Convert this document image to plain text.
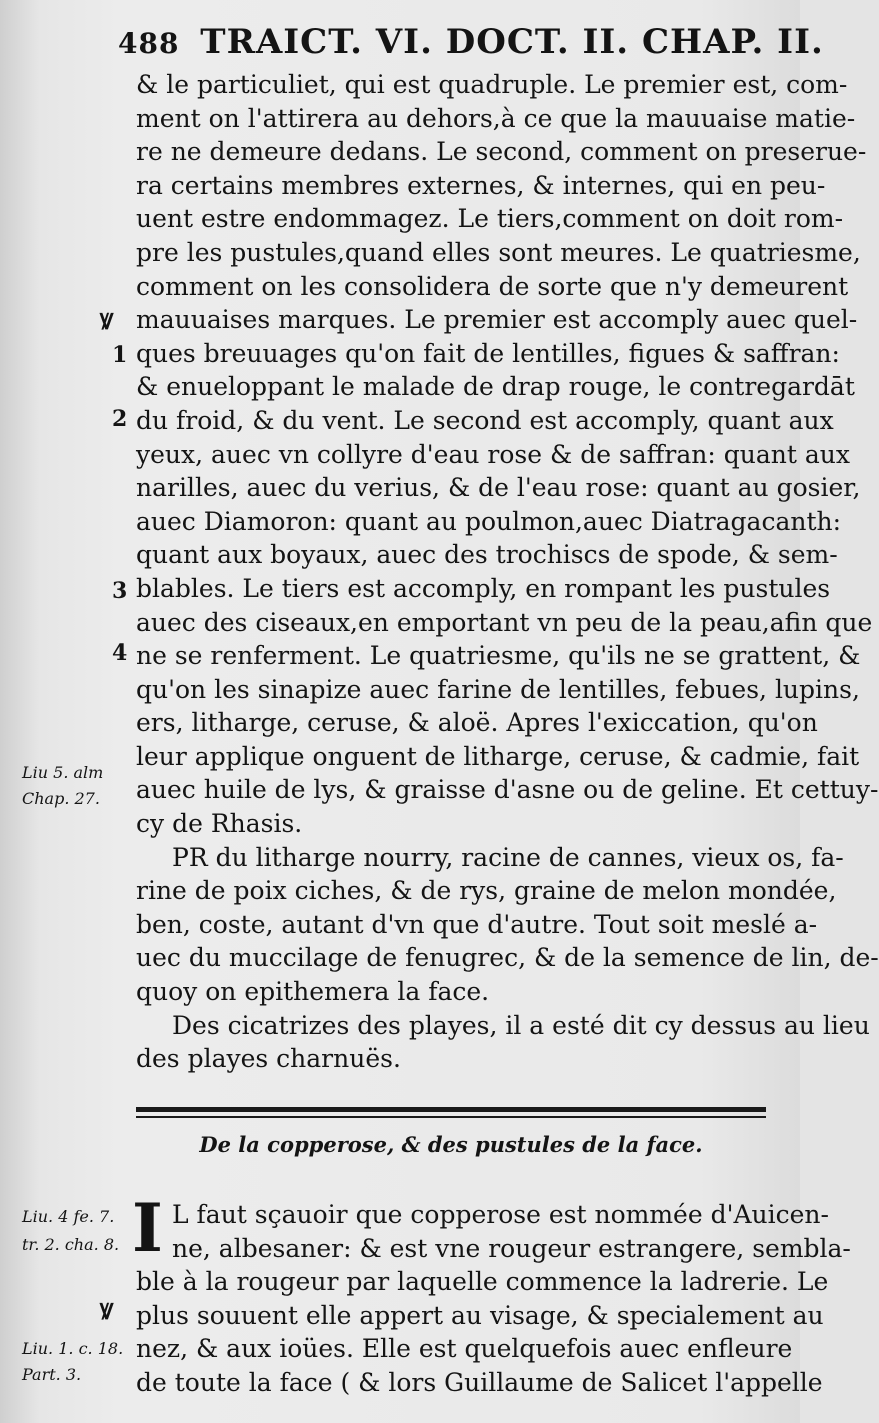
488 TRAICT. VI. DOCT. II. CHAP. II.
& le particuliet, qui est quadruple. Le premier est, com-
ment on l'attirera au dehors,à ce que la mauuaise matie-
re ne demeure dedans. Le second, comment on preserue-
ra certains membres externes, & internes, qui en peu-
uent estre endommagez. Le tiers,comment on doit rom-
pre les pustules,quand elles sont meures. Le quatriesme,
comment on les consolidera de sorte que n'y demeurent
mauuaises marques. Le premier est accomply auec quel-
ques breuuages qu'on fait de lentilles, figues & saffran:
& enueloppant le malade de drap rouge, le contregardāt
du froid, & du vent. Le second est accomply, quant aux
yeux, auec vn collyre d'eau rose & de saffran: quant aux
narilles, auec du verius, & de l'eau rose: quant au gosier,
auec Diamoron: quant au poulmon,auec Diatragacanth:
quant aux boyaux, auec des trochiscs de spode, & sem-
blables. Le tiers est accomply, en rompant les pustules
auec des ciseaux,en emportant vn peu de la peau,afin que
ne se renferment. Le quatriesme, qu'ils ne se grattent, &
qu'on les sinapize auec farine de lentilles, febues, lupins,
ers, litharge, ceruse, & aloë. Apres l'exiccation, qu'on
leur applique onguent de litharge, ceruse, & cadmie, fait
auec huile de lys, & graisse d'asne ou de geline. Et cettuy-
cy de Rhasis.
PR du litharge nourry, racine de cannes, vieux os, fa-
rine de poix ciches, & de rys, graine de melon mondée,
ben, coste, autant d'vn que d'autre. Tout soit meslé a-
uec du muccilage de fenugrec, & de la semence de lin, de-
quoy on epithemera la face.
Des cicatrizes des playes, il a esté dit cy dessus au lieu
des playes charnuës.
Ꝟ
1
2
3
4
Liu 5. alm
Chap. 27.
De la copperose, & des pustules de la face.
I L faut sçauoir que copperose est nommée d'Auicen-
ne, albesaner: & est vne rougeur estrangere, sembla-
ble à la rougeur par laquelle commence la ladrerie. Le
plus souuent elle appert au visage, & specialement au
nez, & aux ioües. Elle est quelquefois auec enfleure
de toute la face ( & lors Guillaume de Salicet l'appelle
Liu. 4 fe. 7.
tr. 2. cha. 8.
Ꝟ
Liu. 1. c. 18.
Part. 3.
